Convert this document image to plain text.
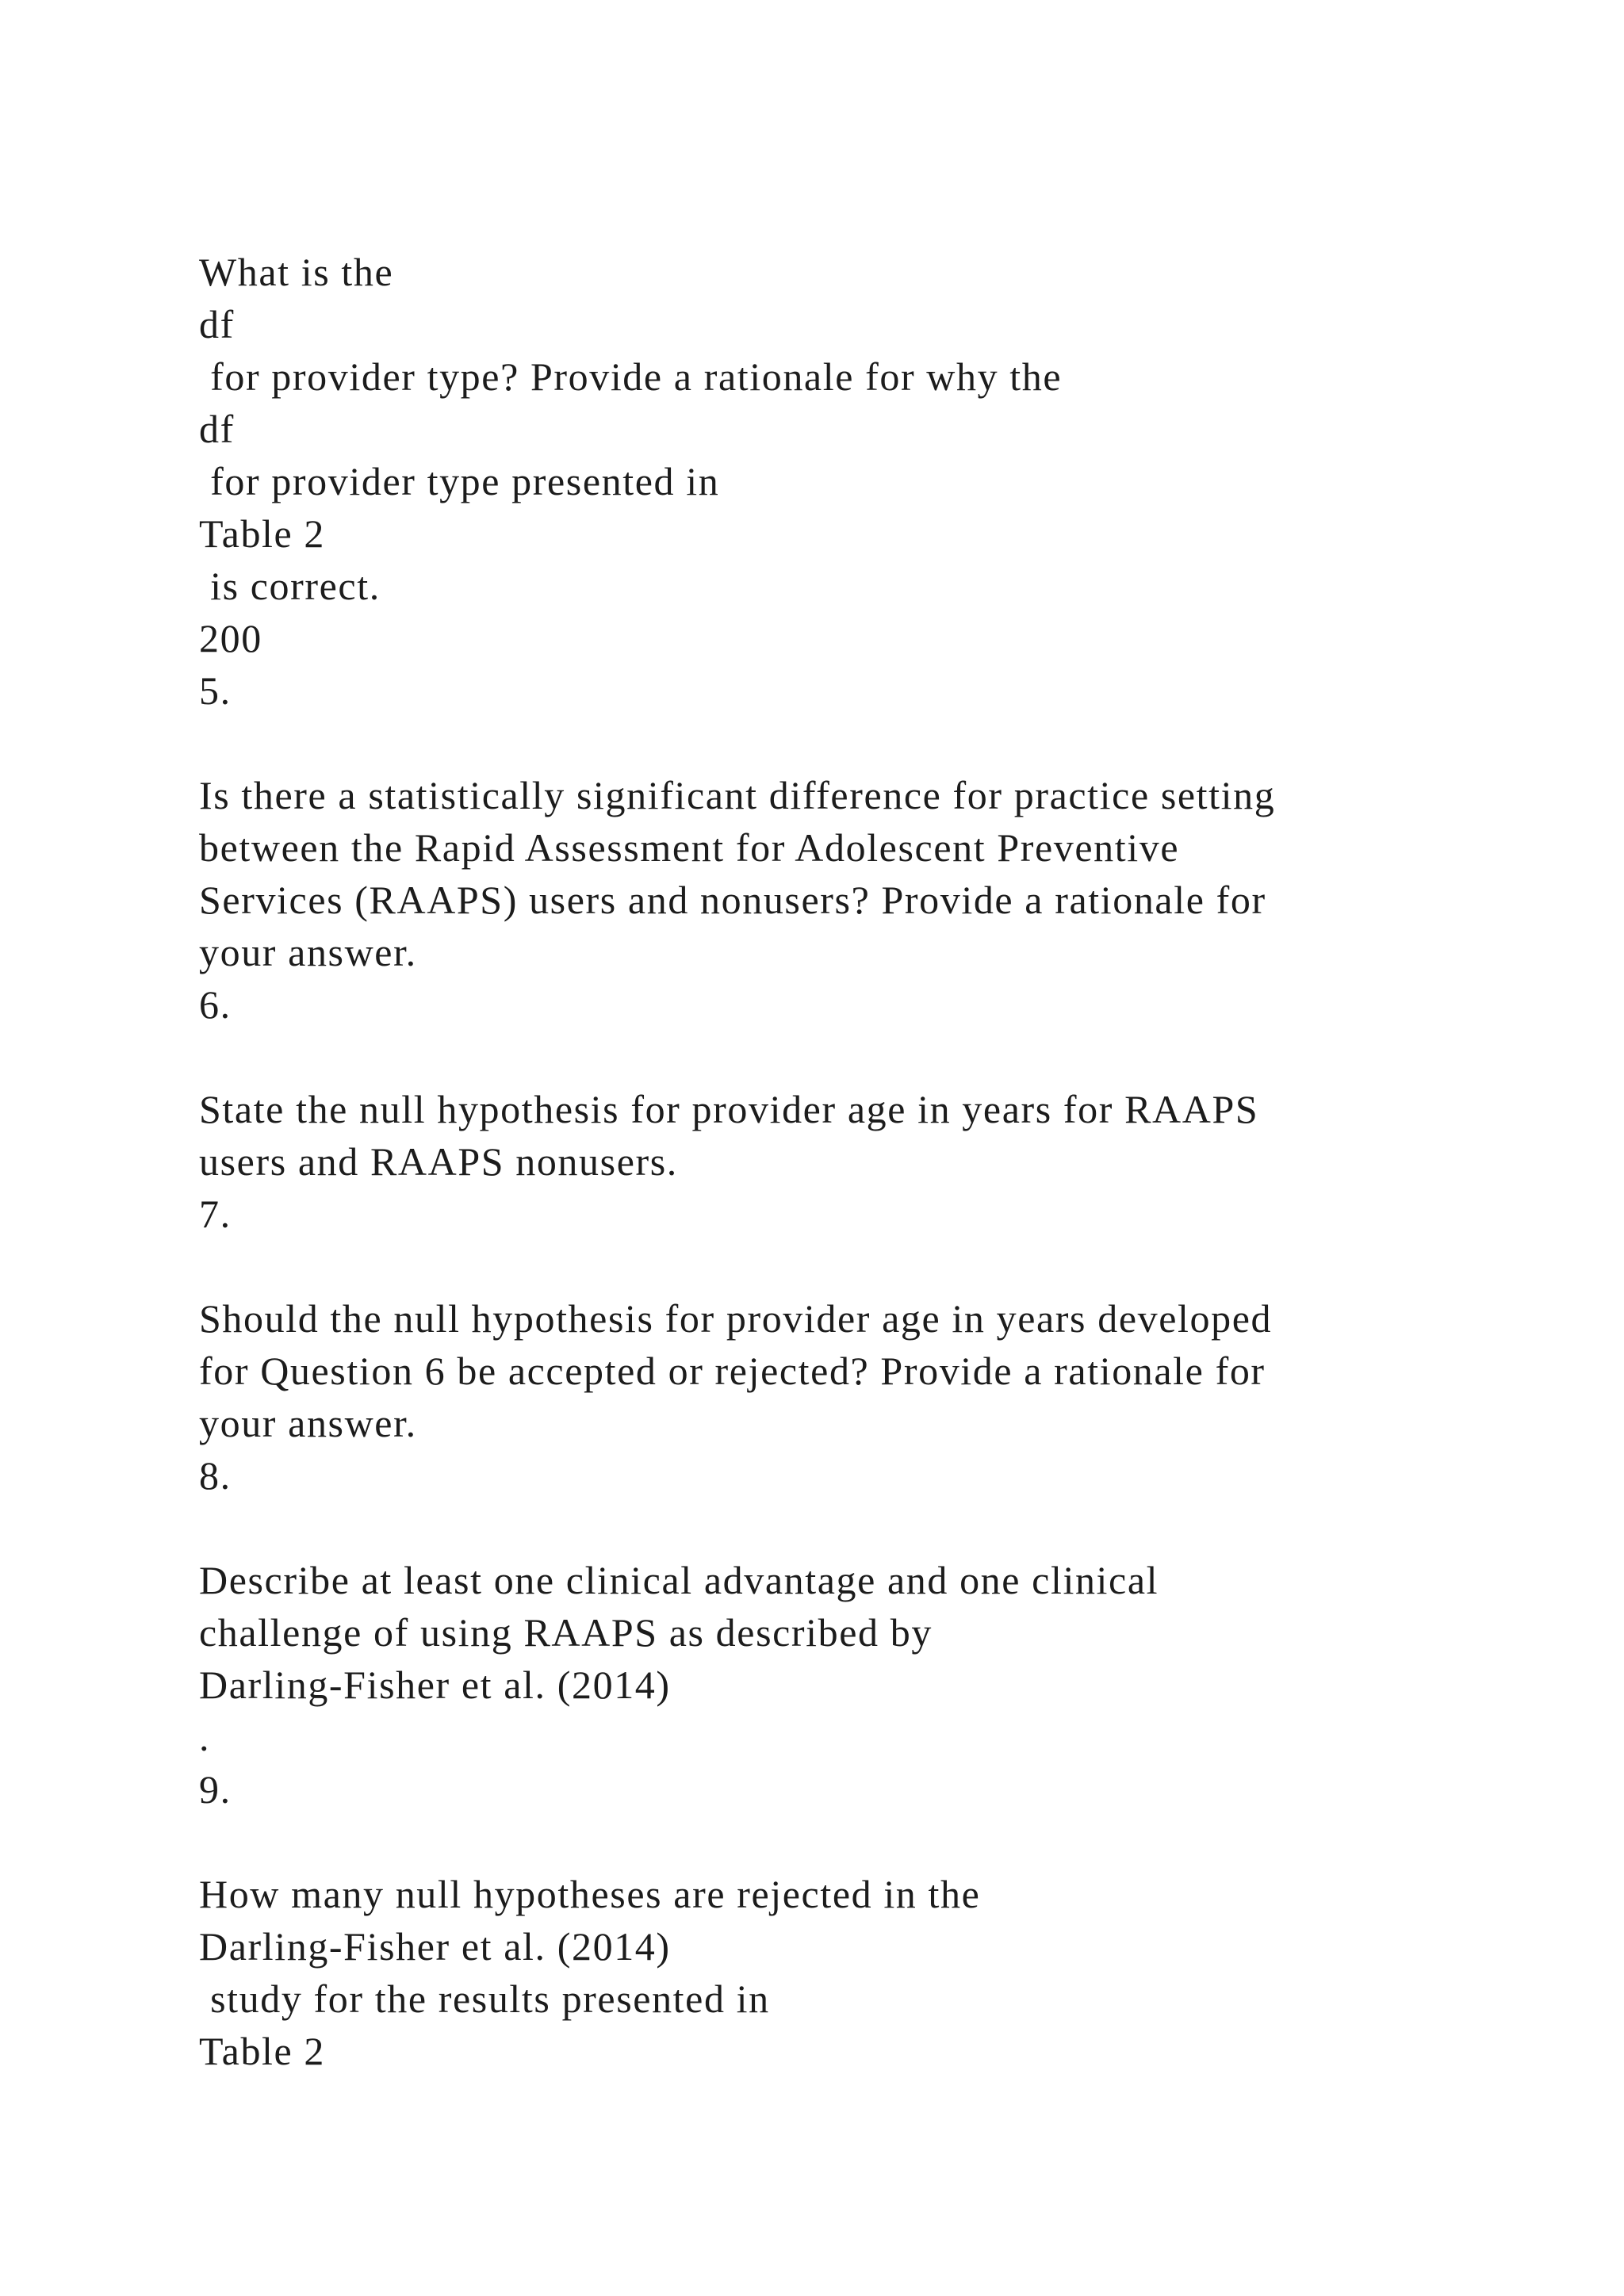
What is the
df
for provider type? Provide a rationale for why the
df
for provider type presented in
Table 2
is correct.
200
5.
Is there a statistically significant difference for practice setting
between the Rapid Assessment for Adolescent Preventive
Services (RAAPS) users and nonusers? Provide a rationale for
your answer.
6.
State the null hypothesis for provider age in years for RAAPS
users and RAAPS nonusers.
7.
Should the null hypothesis for provider age in years developed
for Question 6 be accepted or rejected? Provide a rationale for
your answer.
8.
Describe at least one clinical advantage and one clinical
challenge of using RAAPS as described by
Darling-Fisher et al. (2014)
.
9.
How many null hypotheses are rejected in the
Darling-Fisher et al. (2014)
study for the results presented in
Table 2
